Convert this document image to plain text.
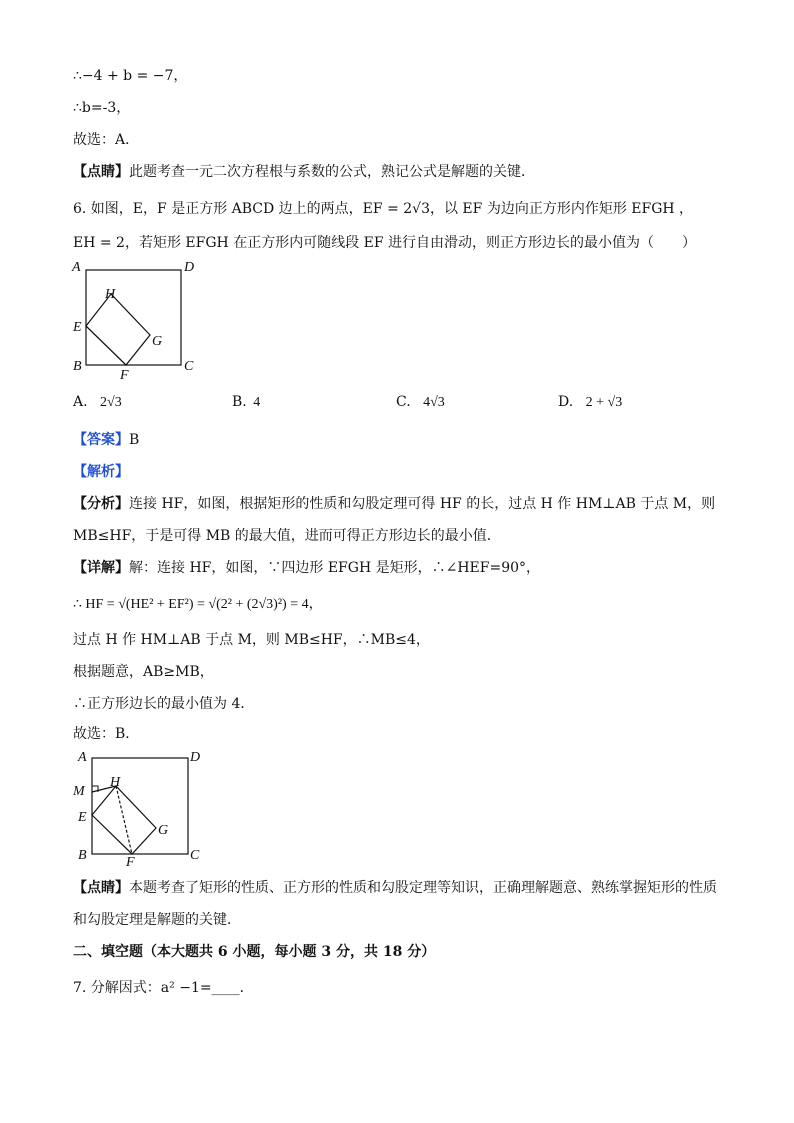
∴−4 + b = −7，
∴b=-3，
故选：A．
【点睛】此题考查一元二次方程根与系数的公式，熟记公式是解题的关键．
6. 如图，E，F 是正方形 ABCD 边上的两点，EF = 2√3，以 EF 为边向正方形内作矩形 EFGH ，
EH = 2，若矩形 EFGH 在正方形内可随线段 EF 进行自由滑动，则正方形边长的最小值为（　　）
A	D
H
E
G
B
F
C
A. 2√3	B. 4	C. 4√3	D. 2 + √3
【答案】B
【解析】
【分析】连接 HF，如图，根据矩形的性质和勾股定理可得 HF 的长，过点 H 作 HM⊥AB 于点 M，则
MB≤HF，于是可得 MB 的最大值，进而可得正方形边长的最小值．
【详解】解：连接 HF，如图，∵四边形 EFGH 是矩形，∴∠HEF=90°，
∴ HF = √(HE² + EF²) = √(2² + (2√3)²) = 4，
过点 H 作 HM⊥AB 于点 M，则 MB≤HF，∴MB≤4，
根据题意，AB≥MB，
∴正方形边长的最小值为 4．
故选：B．
A	D
M
H
E
G
B	F	C
【点睛】本题考查了矩形的性质、正方形的性质和勾股定理等知识，正确理解题意、熟练掌握矩形的性质
和勾股定理是解题的关键．
二、填空题（本大题共 6 小题，每小题 3 分，共 18 分）
7. 分解因式：a² −1=____．
